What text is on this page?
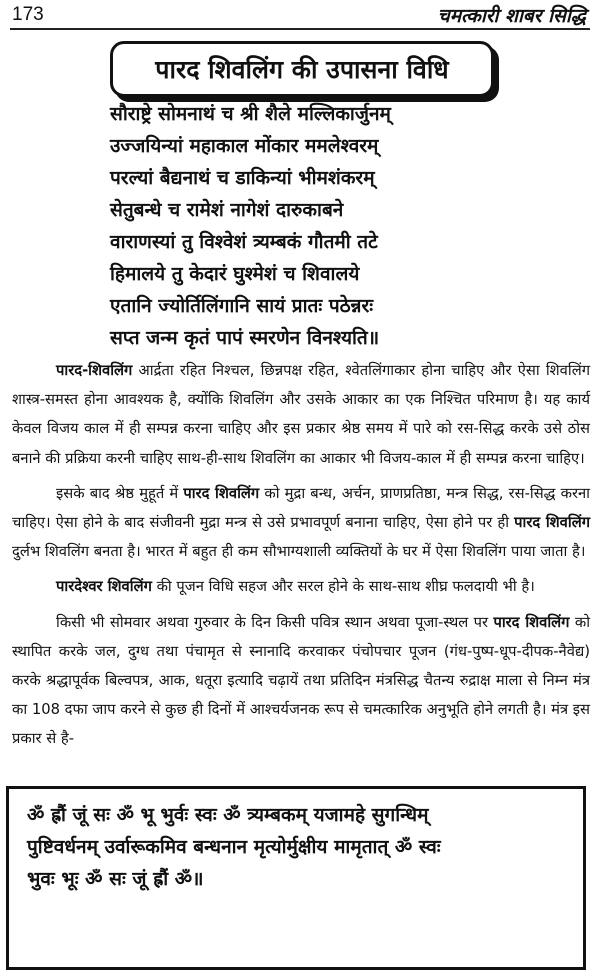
173	चमत्कारी शाबर सिद्धि
पारद शिवलिंग की उपासना विधि
सौराष्ट्रे सोमनाथं च श्री शैले मल्लिकार्जुनम्
उज्जयिन्यां महाकाल मोंकार ममलेश्वरम्
परल्यां बैद्यनाथं च डाकिन्यां भीमशंकरम्
सेतुबन्धे च रामेशं नागेशं दारुकाबने
वाराणस्यां तु विश्वेशं त्र्यम्बकं गौतमी तटे
हिमालये तु केदारं घुश्मेशं च शिवालये
एतानि ज्योर्तिलिंगानि सायं प्रातः पठेन्नरः
सप्त जन्म कृतं पापं स्मरणेन विनश्यति॥

पारद-शिवलिंग आर्द्रता रहित निश्चल, छिन्नपक्ष रहित, श्वेतलिंगाकार होना चाहिए और ऐसा शिवलिंग शास्त्र-समस्त होना आवश्यक है, क्योंकि शिवलिंग और उसके आकार का एक निश्चित परिमाण है। यह कार्य केवल विजय काल में ही सम्पन्न करना चाहिए और इस प्रकार श्रेष्ठ समय में पारे को रस-सिद्ध करके उसे ठोस बनाने की प्रक्रिया करनी चाहिए साथ-ही-साथ शिवलिंग का आकार भी विजय-काल में ही सम्पन्न करना चाहिए।

इसके बाद श्रेष्ठ मुहूर्त में पारद शिवलिंग को मुद्रा बन्ध, अर्चन, प्राणप्रतिष्ठा, मन्त्र सिद्ध, रस-सिद्ध करना चाहिए। ऐसा होने के बाद संजीवनी मुद्रा मन्त्र से उसे प्रभावपूर्ण बनाना चाहिए, ऐसा होने पर ही पारद शिवलिंग दुर्लभ शिवलिंग बनता है। भारत में बहुत ही कम सौभाग्यशाली व्यक्तियों के घर में ऐसा शिवलिंग पाया जाता है।

पारदेश्वर शिवलिंग की पूजन विधि सहज और सरल होने के साथ-साथ शीघ्र फलदायी भी है।

किसी भी सोमवार अथवा गुरुवार के दिन किसी पवित्र स्थान अथवा पूजा-स्थल पर पारद शिवलिंग को स्थापित करके जल, दुग्ध तथा पंचामृत से स्नानादि करवाकर पंचोपचार पूजन (गंध-पुष्प-धूप-दीपक-नैवेद्य) करके श्रद्धापूर्वक बिल्वपत्र, आक, धतूरा इत्यादि चढ़ायें तथा प्रतिदिन मंत्रसिद्ध चैतन्य रुद्राक्ष माला से निम्न मंत्र का 108 दफा जाप करने से कुछ ही दिनों में आश्चर्यजनक रूप से चमत्कारिक अनुभूति होने लगती है। मंत्र इस प्रकार से है-

ॐ ह्रौं जूं सः ॐ भू भुर्वः स्वः ॐ त्र्यम्बकम् यजामहे सुगन्धिम्
पुष्टिवर्धनम् उर्वारूकमिव बन्धनान मृत्योर्मुक्षीय मामृतात् ॐ स्वः
भुवः भूः ॐ सः जूं ह्रौं ॐ॥
